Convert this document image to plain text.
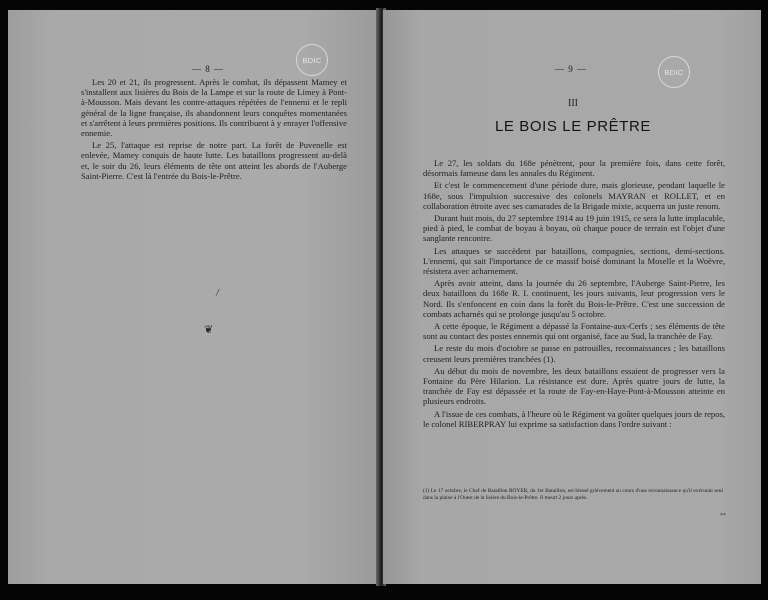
— 8 —
BDIC

Les 20 et 21, ils progressent. Après le combat, ils dépassent Mamey et s'installent aux lisières du Bois de la Lampe et sur la route de Limey à Pont-à-Mousson. Mais devant les contre-attaques répétées de l'ennemi et le repli général de la ligne française, ils abandonnent leurs conquêtes momentanées et s'arrêtent à leurs premières positions. Ils contribuent à y enrayer l'offensive ennemie.

Le 25, l'attaque est reprise de notre part. La forêt de Puvenelle est enlevée, Mamey conquis de haute lutte. Les bataillons progressent au-delà et, le soir du 26, leurs éléments de tête ont atteint les abords de l'Auberge Saint-Pierre. C'est là l'entrée du Bois-le-Prêtre.

/
❦
— 9 —	BDIC
III
LE BOIS LE PRÊTRE

Le 27, les soldats du 168e pénètrent, pour la première fois, dans cette forêt, désormais fameuse dans les annales du Régiment.

Et c'est le commencement d'une période dure, mais glorieuse, pendant laquelle le 168e, sous l'impulsion successive des colonels MAYRAN et ROLLET, et en collaboration étroite avec ses camarades de la Brigade mixte, acquerra un juste renom.

Durant huit mois, du 27 septembre 1914 au 19 juin 1915, ce sera la lutte implacable, pied à pied, le combat de boyau à boyau, où chaque pouce de terrain est l'objet d'une sanglante rencontre.

Les attaques se succèdent par bataillons, compagnies, sections, demi-sections. L'ennemi, qui sait l'importance de ce massif boisé dominant la Moselle et la Woëvre, résistera avec acharnement.

Après avoir atteint, dans la journée du 26 septembre, l'Auberge Saint-Pierre, les deux bataillons du 168e R. I. continuent, les jours suivants, leur progression vers le Nord. Ils s'enfoncent en coin dans la forêt du Bois-le-Prêtre. C'est une succession de combats acharnés qui se prolonge jusqu'au 5 octobre.

A cette époque, le Régiment a dépassé la Fontaine-aux-Cerfs ; ses éléments de tête sont au contact des postes ennemis qui ont organisé, face au Sud, la tranchée de Fay.

Le reste du mois d'octobre se passe en patrouilles, reconnaissances ; les bataillons creusent leurs premières tranchées (1).

Au début du mois de novembre, les deux bataillons essaient de progresser vers la Fontaine du Père Hilarion. La résistance est dure. Après quatre jours de lutte, la tranchée de Fay est dépassée et la route de Fay-en-Haye-Pont-à-Mousson atteinte en plusieurs endroits.

A l'issue de ces combats, à l'heure où le Régiment va goûter quelques jours de repos, le colonel RIBERPRAY lui exprime sa satisfaction dans l'ordre suivant :

(1) Le 17 octobre, le Chef de Bataillon ROYER, du 1er Bataillon, est blessé grièvement au cours d'une reconnaissance qu'il exécutait seul dans la plaine à l'Ouest de la lisière du Bois-le-Prêtre. Il meurt 2 jours après.
**
